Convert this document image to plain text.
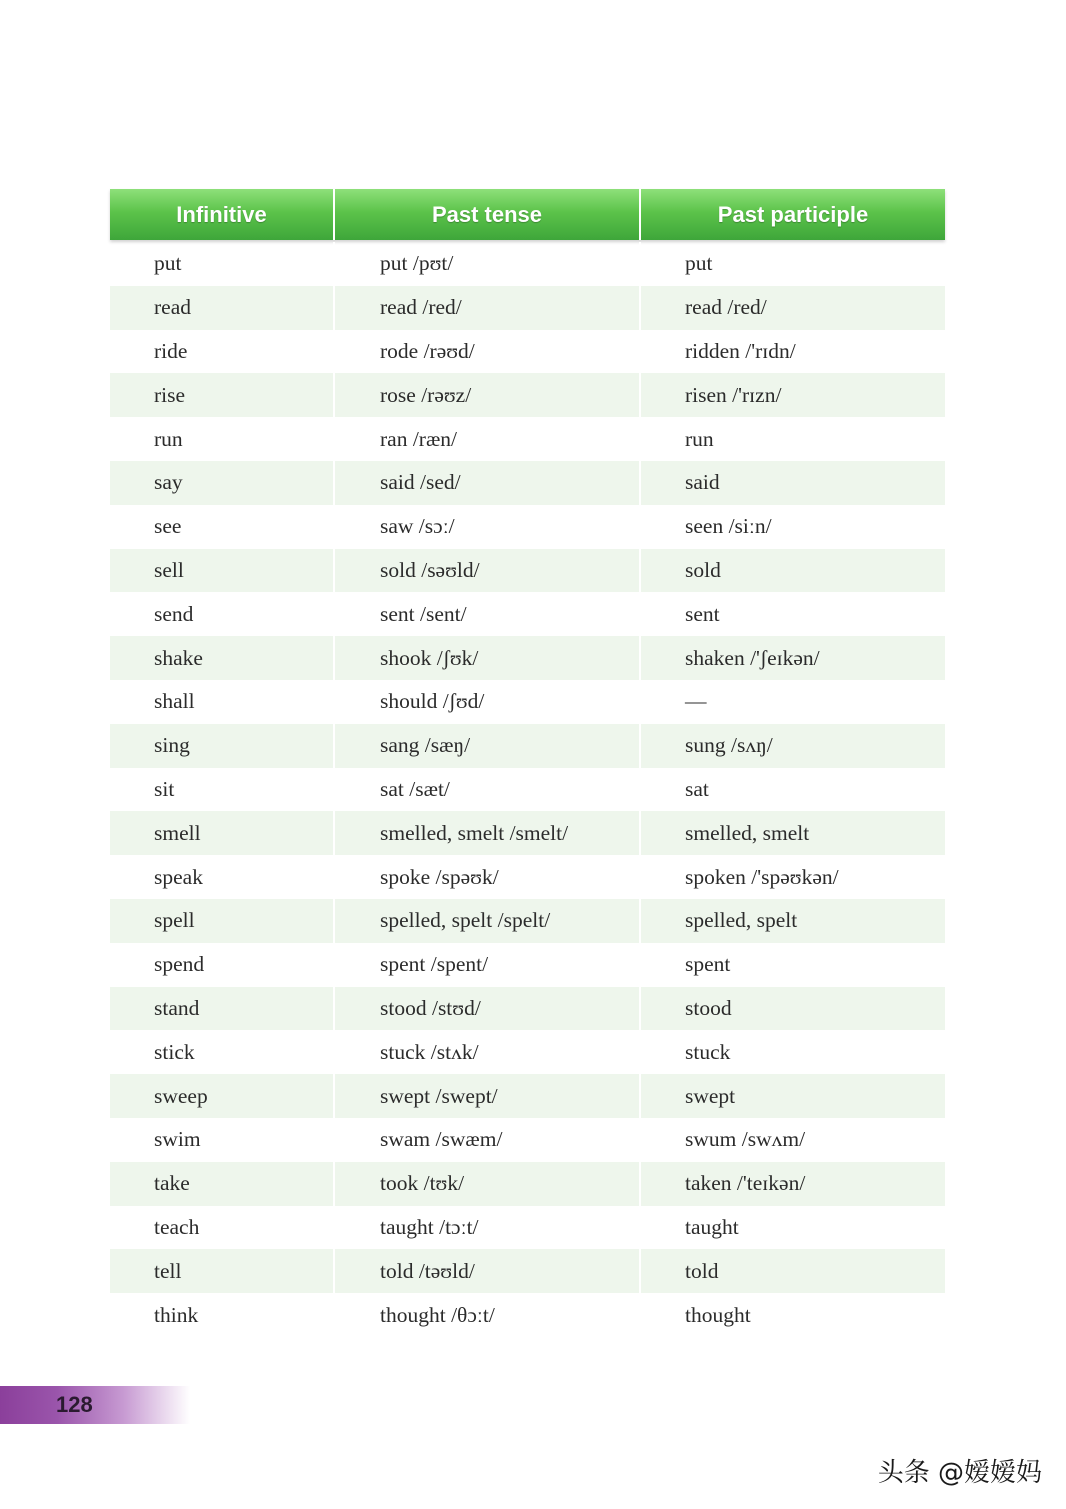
Infinitive	Past tense	Past participle
put	put /pʊt/	put
read	read /red/	read /red/
ride	rode /rəʊd/	ridden /'rɪdn/
rise	rose /rəʊz/	risen /'rɪzn/
run	ran /ræn/	run
say	said /sed/	said
see	saw /sɔː/	seen /siːn/
sell	sold /səʊld/	sold
send	sent /sent/	sent
shake	shook /ʃʊk/	shaken /'ʃeɪkən/
shall	should /ʃʊd/	—
sing	sang /sæŋ/	sung /sʌŋ/
sit	sat /sæt/	sat
smell	smelled, smelt /smelt/	smelled, smelt
speak	spoke /spəʊk/	spoken /'spəʊkən/
spell	spelled, spelt /spelt/	spelled, spelt
spend	spent /spent/	spent
stand	stood /stʊd/	stood
stick	stuck /stʌk/	stuck
sweep	swept /swept/	swept
swim	swam /swæm/	swum /swʌm/
take	took /tʊk/	taken /'teɪkən/
teach	taught /tɔːt/	taught
tell	told /təʊld/	told
think	thought /θɔːt/	thought
128
头条 @嫒嫒妈
